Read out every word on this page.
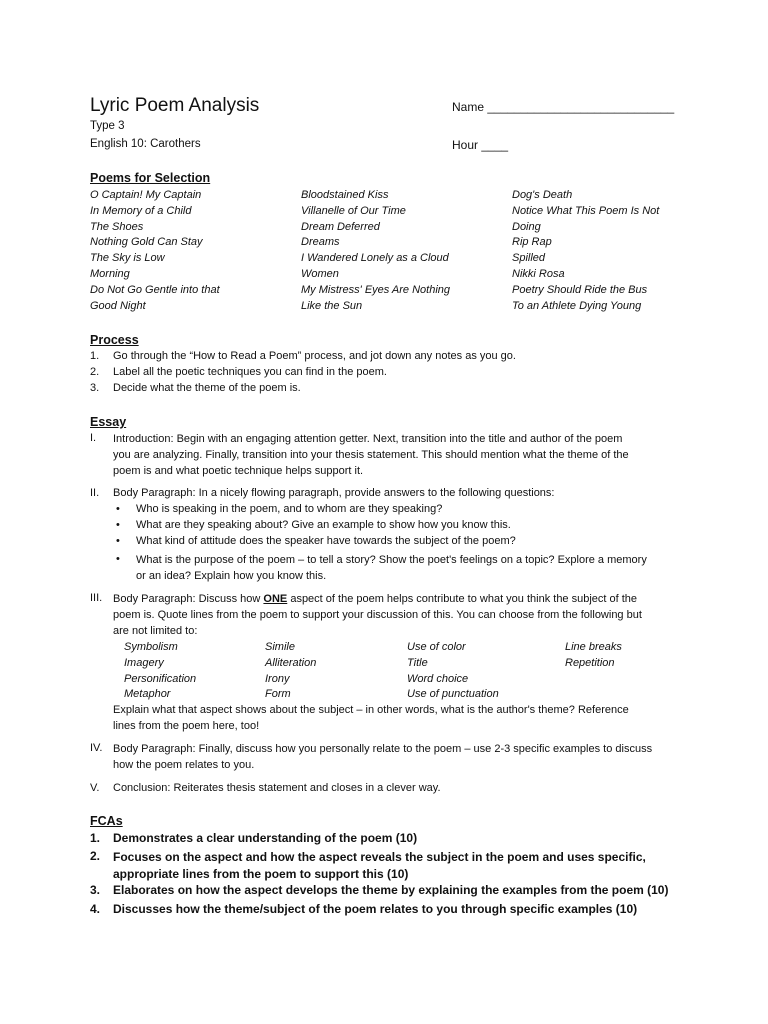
Lyric Poem Analysis
Type 3
English 10: Carothers
Name ____________________________
Hour ____
Poems for Selection
O Captain! My Captain
In Memory of a Child
The Shoes
Nothing Gold Can Stay
The Sky is Low
Morning
Do Not Go Gentle into that
Good Night
Bloodstained Kiss
Villanelle of Our Time
Dream Deferred
Dreams
I Wandered Lonely as a Cloud
Women
My Mistress' Eyes Are Nothing
Like the Sun
Dog's Death
Notice What This Poem Is Not
Doing
Rip Rap
Spilled
Nikki Rosa
Poetry Should Ride the Bus
To an Athlete Dying Young
Process
1. Go through the “How to Read a Poem” process, and jot down any notes as you go.
2. Label all the poetic techniques you can find in the poem.
3. Decide what the theme of the poem is.
Essay
I. Introduction: Begin with an engaging attention getter. Next, transition into the title and author of the poem
you are analyzing. Finally, transition into your thesis statement. This should mention what the theme of the
poem is and what poetic technique helps support it.
II. Body Paragraph: In a nicely flowing paragraph, provide answers to the following questions:
• Who is speaking in the poem, and to whom are they speaking?
• What are they speaking about? Give an example to show how you know this.
• What kind of attitude does the speaker have towards the subject of the poem?
• What is the purpose of the poem – to tell a story? Show the poet's feelings on a topic? Explore a memory
or an idea? Explain how you know this.
III. Body Paragraph: Discuss how ONE aspect of the poem helps contribute to what you think the subject of the
poem is. Quote lines from the poem to support your discussion of this. You can choose from the following but
are not limited to:
Symbolism
Imagery
Personification
Metaphor
Simile
Alliteration
Irony
Form
Use of color
Title
Word choice
Use of punctuation
Line breaks
Repetition
Explain what that aspect shows about the subject – in other words, what is the author's theme? Reference
lines from the poem here, too!
IV. Body Paragraph: Finally, discuss how you personally relate to the poem – use 2-3 specific examples to discuss
how the poem relates to you.
V. Conclusion: Reiterates thesis statement and closes in a clever way.
FCAs
1. Demonstrates a clear understanding of the poem (10)
2. Focuses on the aspect and how the aspect reveals the subject in the poem and uses specific,
appropriate lines from the poem to support this (10)
3. Elaborates on how the aspect develops the theme by explaining the examples from the poem (10)
4. Discusses how the theme/subject of the poem relates to you through specific examples (10)
